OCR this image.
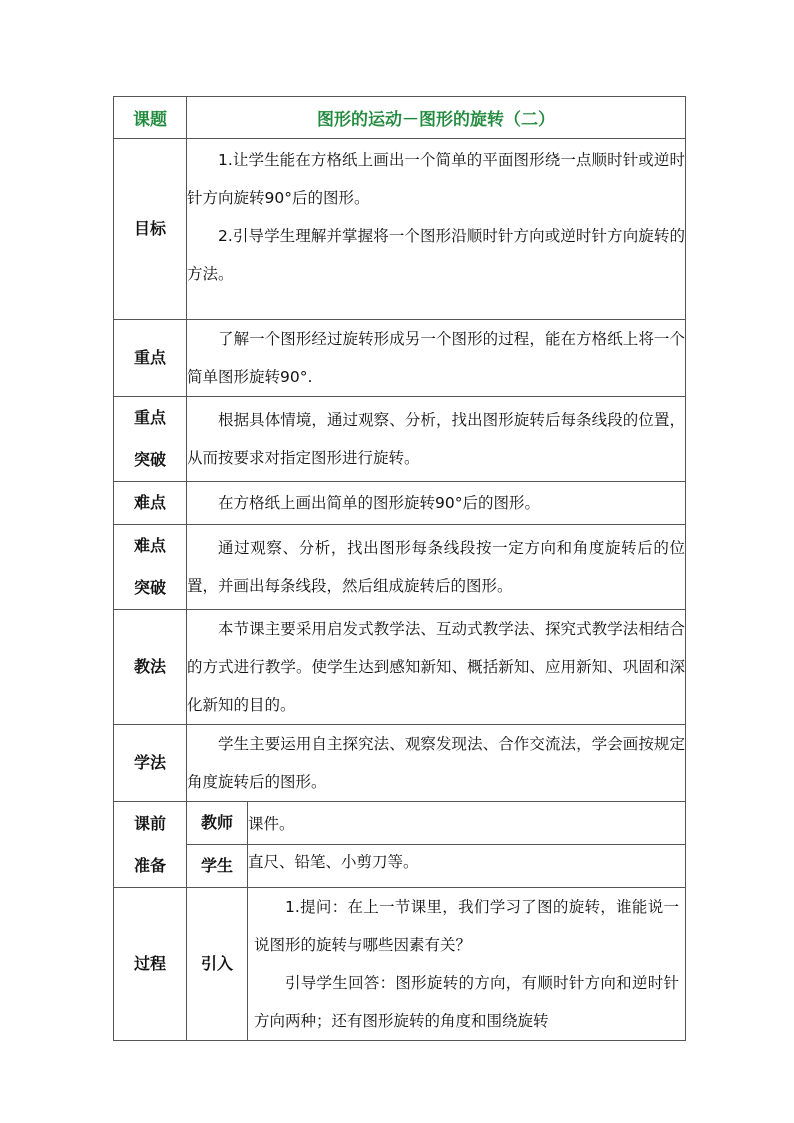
课题	图形的运动－图形的旋转（二）	
目标	1.让学生能在方格纸上画出一个简单的平面图形绕一点顺时针或逆时针方向旋转90°后的图形。

2.引导学生理解并掌握将一个图形沿顺时针方向或逆时针方向旋转的方法。	

重点	了解一个图形经过旋转形成另一个图形的过程，能在方格纸上将一个简单图形旋转90°.	

重点
突破	根据具体情境，通过观察、分析，找出图形旋转后每条线段的位置，从而按要求对指定图形进行旋转。	

难点	在方格纸上画出简单的图形旋转90°后的图形。	

难点
突破	通过观察、分析，找出图形每条线段按一定方向和角度旋转后的位置，并画出每条线段，然后组成旋转后的图形。	

教法	本节课主要采用启发式教学法、互动式教学法、探究式教学法相结合的方式进行教学。使学生达到感知新知、概括新知、应用新知、巩固和深化新知的目的。	

学法	学生主要运用自主探究法、观察发现法、合作交流法，学会画按规定角度旋转后的图形。	

课前
准备	教师	课件。
	学生	直尺、铅笔、小剪刀等。
过程	引入	1.提问：在上一节课里，我们学习了图的旋转，谁能说一说图形的旋转与哪些因素有关？

引导学生回答：图形旋转的方向，有顺时针方向和逆时针方向两种；还有图形旋转的角度和围绕旋转
